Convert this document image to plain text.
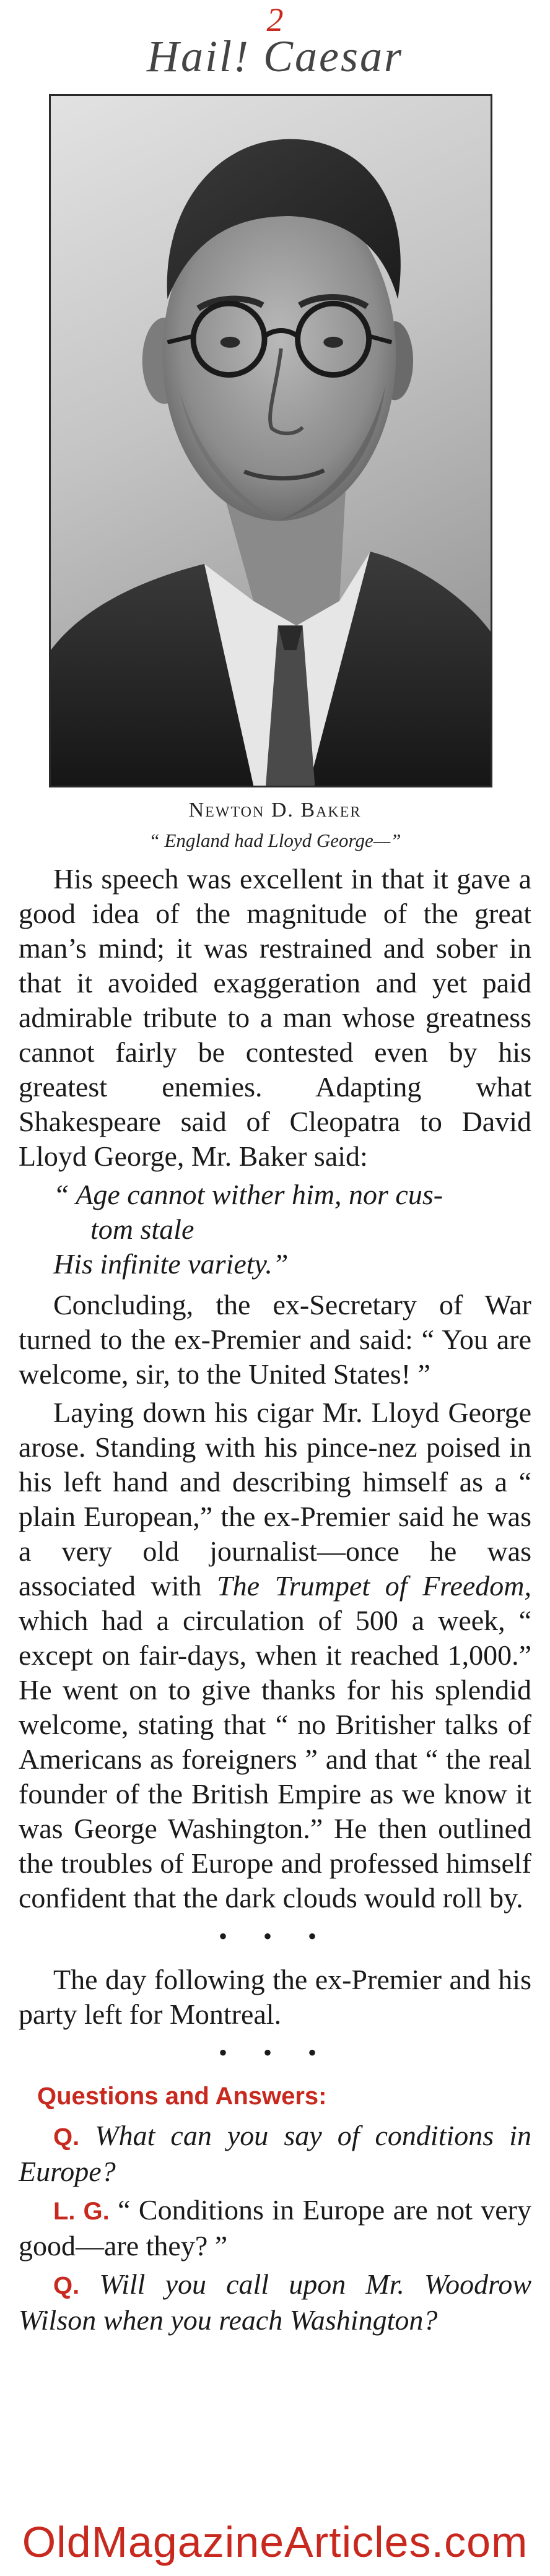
2
Hail! Caesar
Newton D. Baker
“ England had Lloyd George—”

His speech was excellent in that it gave a good idea of the magnitude of the great man’s mind; it was restrained and sober in that it avoided exaggeration and yet paid admirable tribute to a man whose greatness cannot fairly be contested even by his greatest enemies. Adapting what Shakespeare said of Cleopatra to David Lloyd George, Mr. Baker said:

“ Age cannot wither him, nor cus-
tom stale
His infinite variety.”

Concluding, the ex-Secretary of War turned to the ex-Premier and said: “ You are welcome, sir, to the United States! ”

Laying down his cigar Mr. Lloyd George arose. Standing with his pince-nez poised in his left hand and describing himself as a “ plain European,” the ex-Premier said he was a very old journalist—once he was associated with The Trumpet of Freedom, which had a circulation of 500 a week, “ except on fair-days, when it reached 1,000.” He went on to give thanks for his splendid welcome, stating that “ no Britisher talks of Americans as foreigners ” and that “ the real founder of the British Empire as we know it was George Washington.” He then outlined the troubles of Europe and professed himself confident that the dark clouds would roll by.

• • •

The day following the ex-Premier and his party left for Montreal.

• • •
Questions and Answers:

Q. What can you say of conditions in Europe?

L. G. “ Conditions in Europe are not very good—are they? ”

Q. Will you call upon Mr. Woodrow Wilson when you reach Washington?

OldMagazineArticles.com
